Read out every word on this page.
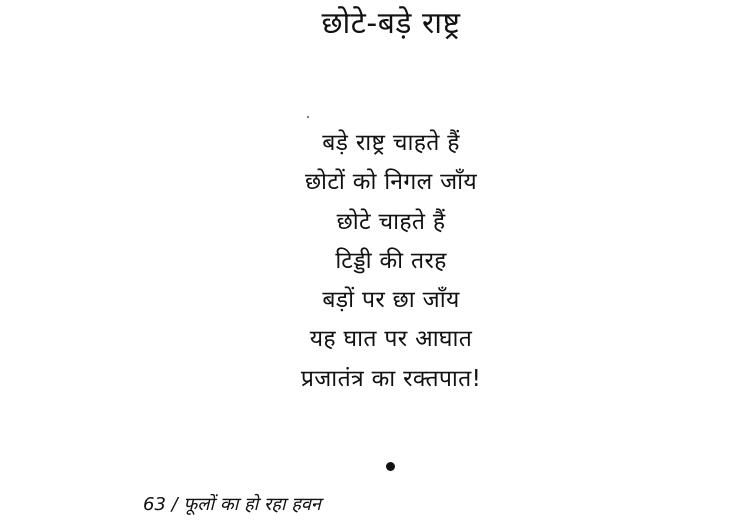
छोटे-बड़े राष्ट्र
बड़े राष्ट्र चाहते हैं
छोटों को निगल जाँय
छोटे चाहते हैं
टिड्डी की तरह
बड़ों पर छा जाँय
यह घात पर आघात
प्रजातंत्र का रक्तपात!
63 / फूलों का हो रहा हवन
